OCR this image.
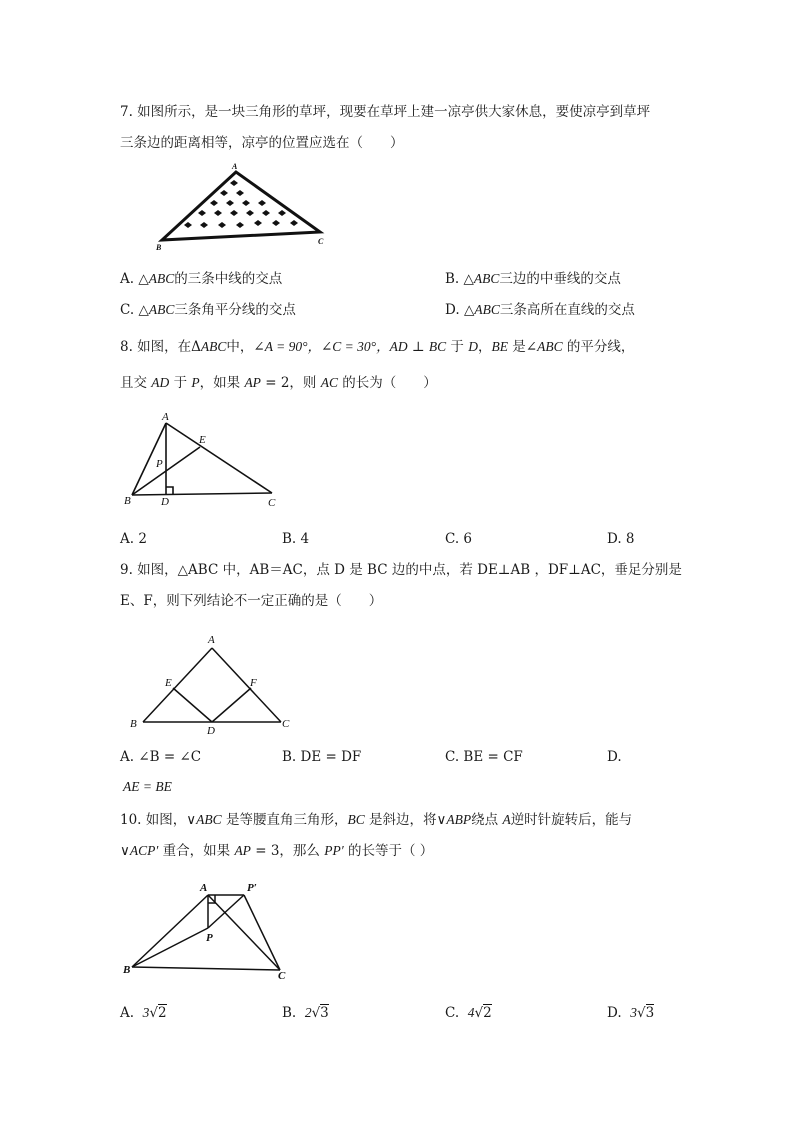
7. 如图所示，是一块三角形的草坪，现要在草坪上建一凉亭供大家休息，要使凉亭到草坪
三条边的距离相等，凉亭的位置应选在（　　）
A
B
C
A. △ABC的三条中线的交点	B. △ABC三边的中垂线的交点
C. △ABC三条角平分线的交点	D. △ABC三条高所在直线的交点
8. 如图，在ΔABC中，∠A = 90°，∠C = 30°，AD ⊥ BC 于 D，BE 是∠ABC 的平分线，
且交 AD 于 P，如果 AP = 2，则 AC 的长为（　　）
A
E
P
B	D	C
A. 2	B. 4	C. 6	D. 8
9. 如图，△ABC 中，AB＝AC，点 D 是 BC 边的中点，若 DE⊥AB ，DF⊥AC，垂足分别是
E、F，则下列结论不一定正确的是（　　）
A
E	F
B
D
C
A. ∠B = ∠C	B. DE = DF	C. BE = CF	D.
AE = BE
10. 如图，∨ABC 是等腰直角三角形，BC 是斜边，将∨ABP绕点 A逆时针旋转后，能与
∨ACP′ 重合，如果 AP = 3，那么 PP′ 的长等于（ ）
A	P′
P
B	C
A. 3√2	B. 2√3	C. 4√2	D. 3√3
